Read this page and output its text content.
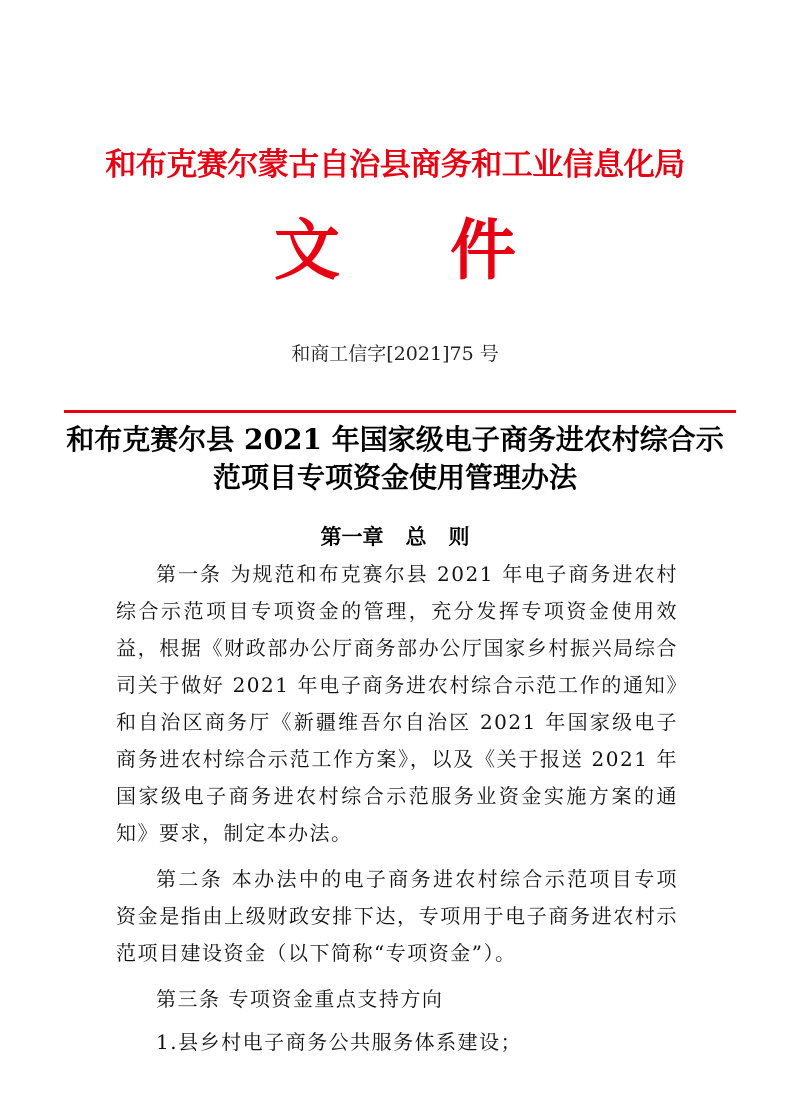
和布克赛尔蒙古自治县商务和工业信息化局
文 件
和商工信字[2021]75 号
和布克赛尔县 2021 年国家级电子商务进农村综合示范项目专项资金使用管理办法
第一章 总 则

第一条 为规范和布克赛尔县 2021 年电子商务进农村综合示范项目专项资金的管理，充分发挥专项资金使用效益，根据《财政部办公厅商务部办公厅国家乡村振兴局综合司关于做好 2021 年电子商务进农村综合示范工作的通知》和自治区商务厅《新疆维吾尔自治区 2021 年国家级电子商务进农村综合示范工作方案》，以及《关于报送 2021 年国家级电子商务进农村综合示范服务业资金实施方案的通知》要求，制定本办法。

第二条 本办法中的电子商务进农村综合示范项目专项资金是指由上级财政安排下达，专项用于电子商务进农村示范项目建设资金（以下简称“专项资金”）。

第三条 专项资金重点支持方向

1.县乡村电子商务公共服务体系建设；
